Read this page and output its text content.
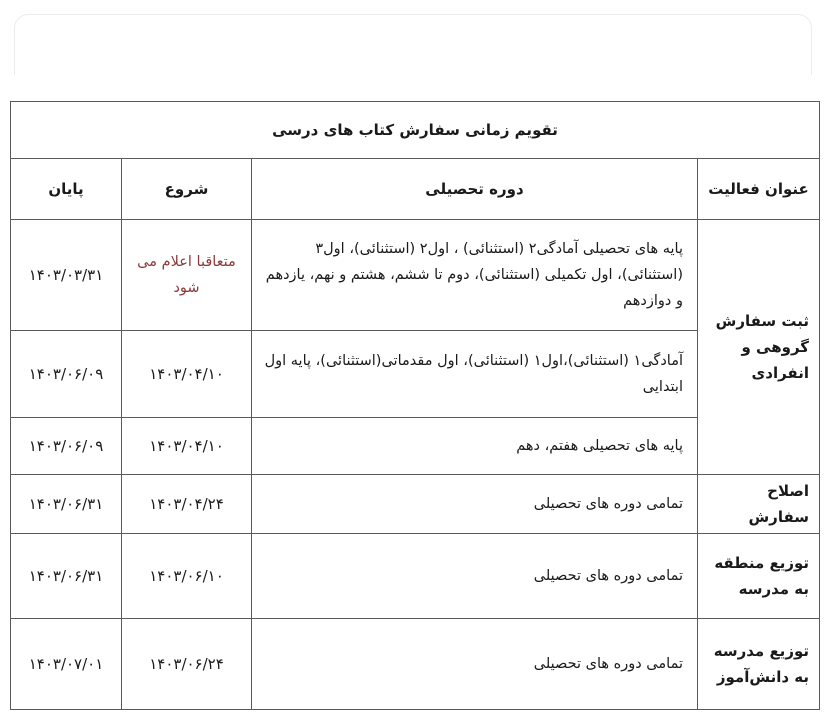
تقویم زمانی سفارش کتاب های درسی			
عنوان فعالیت	دوره تحصیلی	شروع	پایان
ثبت سفارش گروهی و انفرادی	پایه های تحصیلی آمادگی۲ (استثنائی) ، اول۲ (استثنائی)، اول۳ (استثنائی)، اول تکمیلی (استثنائی)، دوم تا ششم، هشتم و نهم، یازدهم و دوازدهم	متعاقبا اعلام می شود	۱۴۰۳/۰۳/۳۱
	آمادگی۱ (استثنائی)،اول۱ (استثنائی)، اول مقدماتی(استثنائی)، پایه اول ابتدایی	۱۴۰۳/۰۴/۱۰	۱۴۰۳/۰۶/۰۹
	پایه های تحصیلی هفتم، دهم	۱۴۰۳/۰۴/۱۰	۱۴۰۳/۰۶/۰۹
اصلاح سفارش	تمامی دوره های تحصیلی	۱۴۰۳/۰۴/۲۴	۱۴۰۳/۰۶/۳۱
توزیع منطقه به مدرسه	تمامی دوره های تحصیلی	۱۴۰۳/۰۶/۱۰	۱۴۰۳/۰۶/۳۱
توزیع مدرسه به دانش‌آموز	تمامی دوره های تحصیلی	۱۴۰۳/۰۶/۲۴	۱۴۰۳/۰۷/۰۱
